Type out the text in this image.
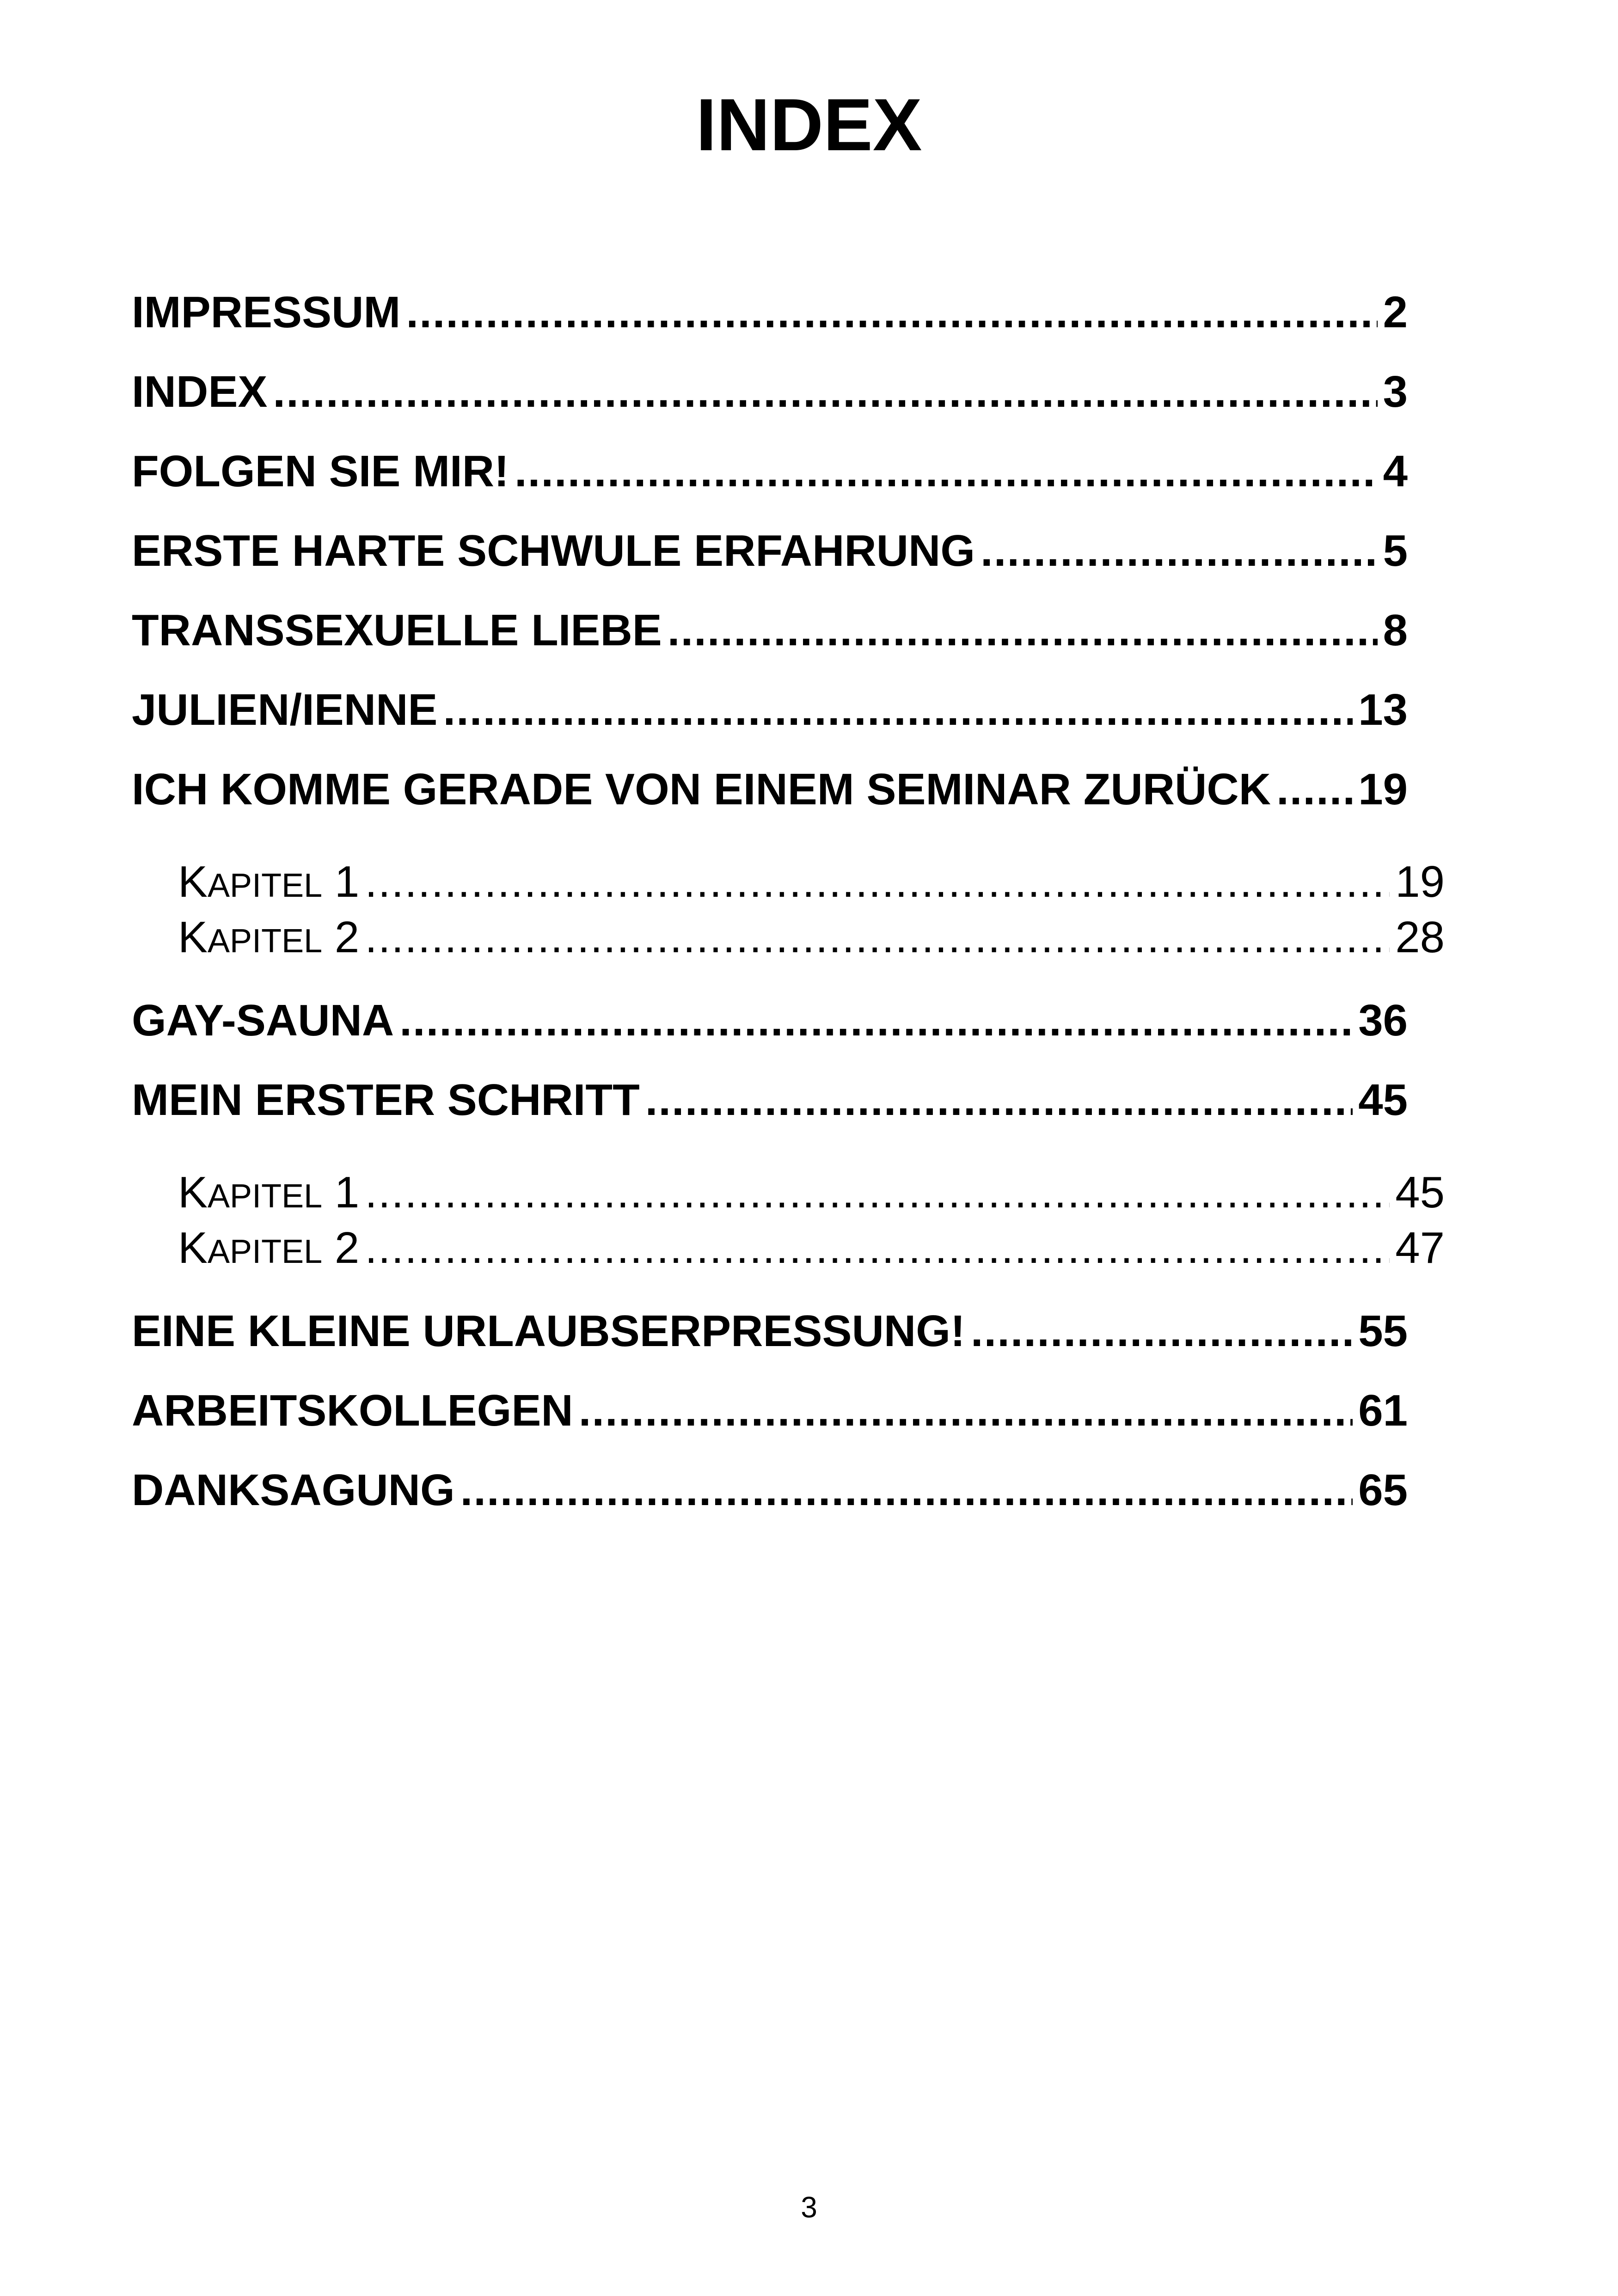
INDEX
IMPRESSUM .....	2
INDEX .....	3
FOLGEN SIE MIR! .....	4
ERSTE HARTE SCHWULE ERFAHRUNG .....	5
TRANSSEXUELLE LIEBE .....	8
JULIEN/IENNE .....	13
ICH KOMME GERADE VON EINEM SEMINAR ZURÜCK ..... 19
KAPITEL 1 .....	19
KAPITEL 2 .....	28
GAY-SAUNA .....	36
MEIN ERSTER SCHRITT .....	45
KAPITEL 1 .....	45
KAPITEL 2 .....	47
EINE KLEINE URLAUBSERPRESSUNG! .....	55
ARBEITSKOLLEGEN .....	61
DANKSAGUNG .....	65
3
